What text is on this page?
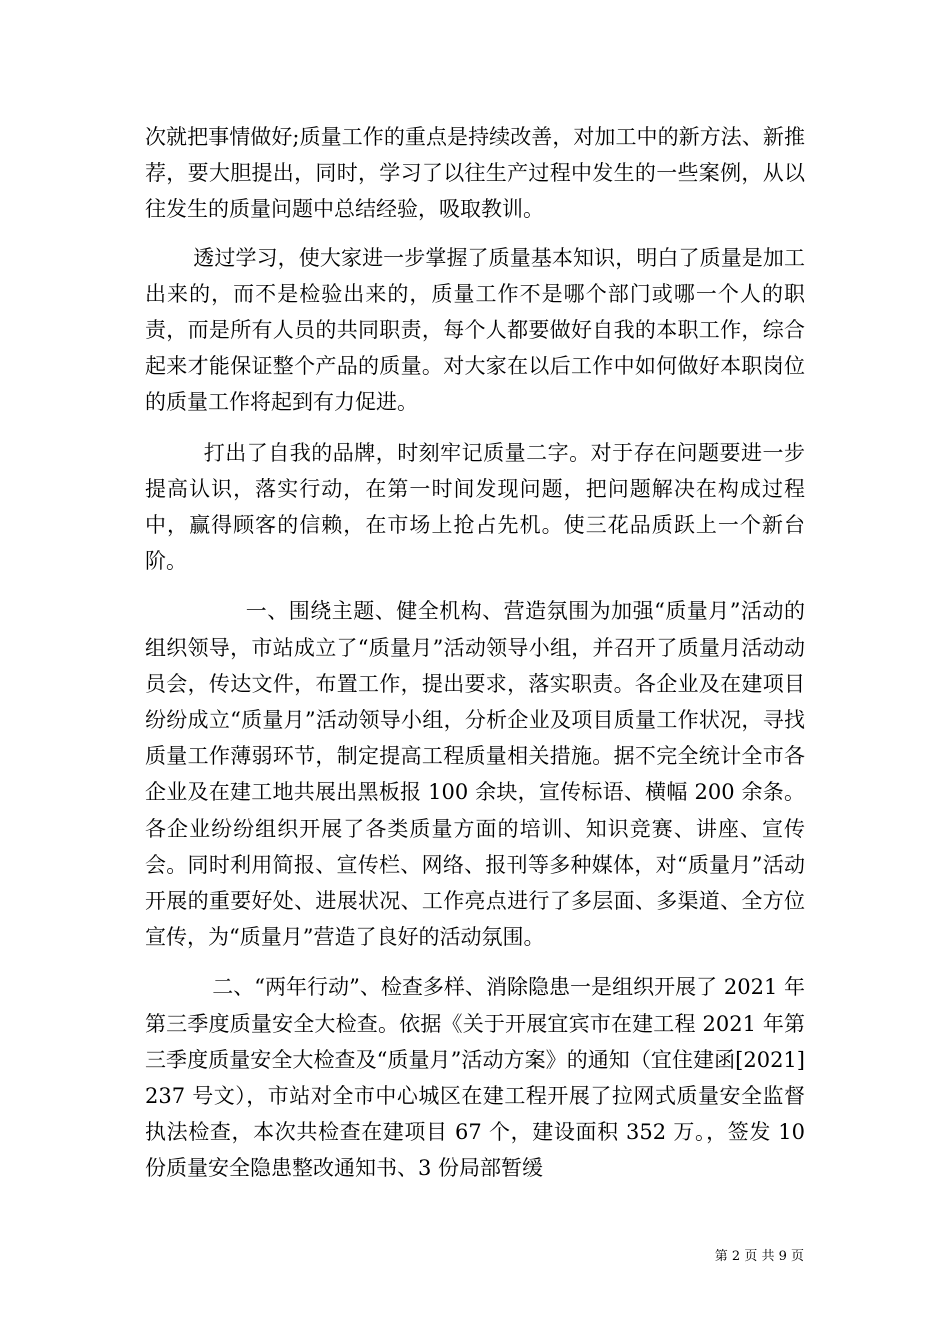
次就把事情做好;质量工作的重点是持续改善，对加工中的新方法、新推荐，要大胆提出，同时，学习了以往生产过程中发生的一些案例，从以往发生的质量问题中总结经验，吸取教训。

透过学习，使大家进一步掌握了质量基本知识，明白了质量是加工出来的，而不是检验出来的，质量工作不是哪个部门或哪一个人的职责，而是所有人员的共同职责，每个人都要做好自我的本职工作，综合起来才能保证整个产品的质量。对大家在以后工作中如何做好本职岗位的质量工作将起到有力促进。

打出了自我的品牌，时刻牢记质量二字。对于存在问题要进一步提高认识，落实行动，在第一时间发现问题，把问题解决在构成过程中，赢得顾客的信赖，在市场上抢占先机。使三花品质跃上一个新台阶。

一、围绕主题、健全机构、营造氛围为加强“质量月”活动的组织领导，市站成立了“质量月”活动领导小组，并召开了质量月活动动员会，传达文件，布置工作，提出要求，落实职责。各企业及在建项目纷纷成立“质量月”活动领导小组，分析企业及项目质量工作状况，寻找质量工作薄弱环节，制定提高工程质量相关措施。据不完全统计全市各企业及在建工地共展出黑板报 100 余块，宣传标语、横幅 200 余条。各企业纷纷组织开展了各类质量方面的培训、知识竞赛、讲座、宣传会。同时利用简报、宣传栏、网络、报刊等多种媒体，对“质量月”活动开展的重要好处、进展状况、工作亮点进行了多层面、多渠道、全方位宣传，为“质量月”营造了良好的活动氛围。

二、“两年行动”、检查多样、消除隐患一是组织开展了 2021 年第三季度质量安全大检查。依据《关于开展宜宾市在建工程 2021 年第三季度质量安全大检查及“质量月”活动方案》的通知（宜住建函[2021]237 号文），市站对全市中心城区在建工程开展了拉网式质量安全监督执法检查，本次共检查在建项目 67 个，建设面积 352 万。，签发 10 份质量安全隐患整改通知书、3 份局部暂缓

第 2 页 共 9 页
